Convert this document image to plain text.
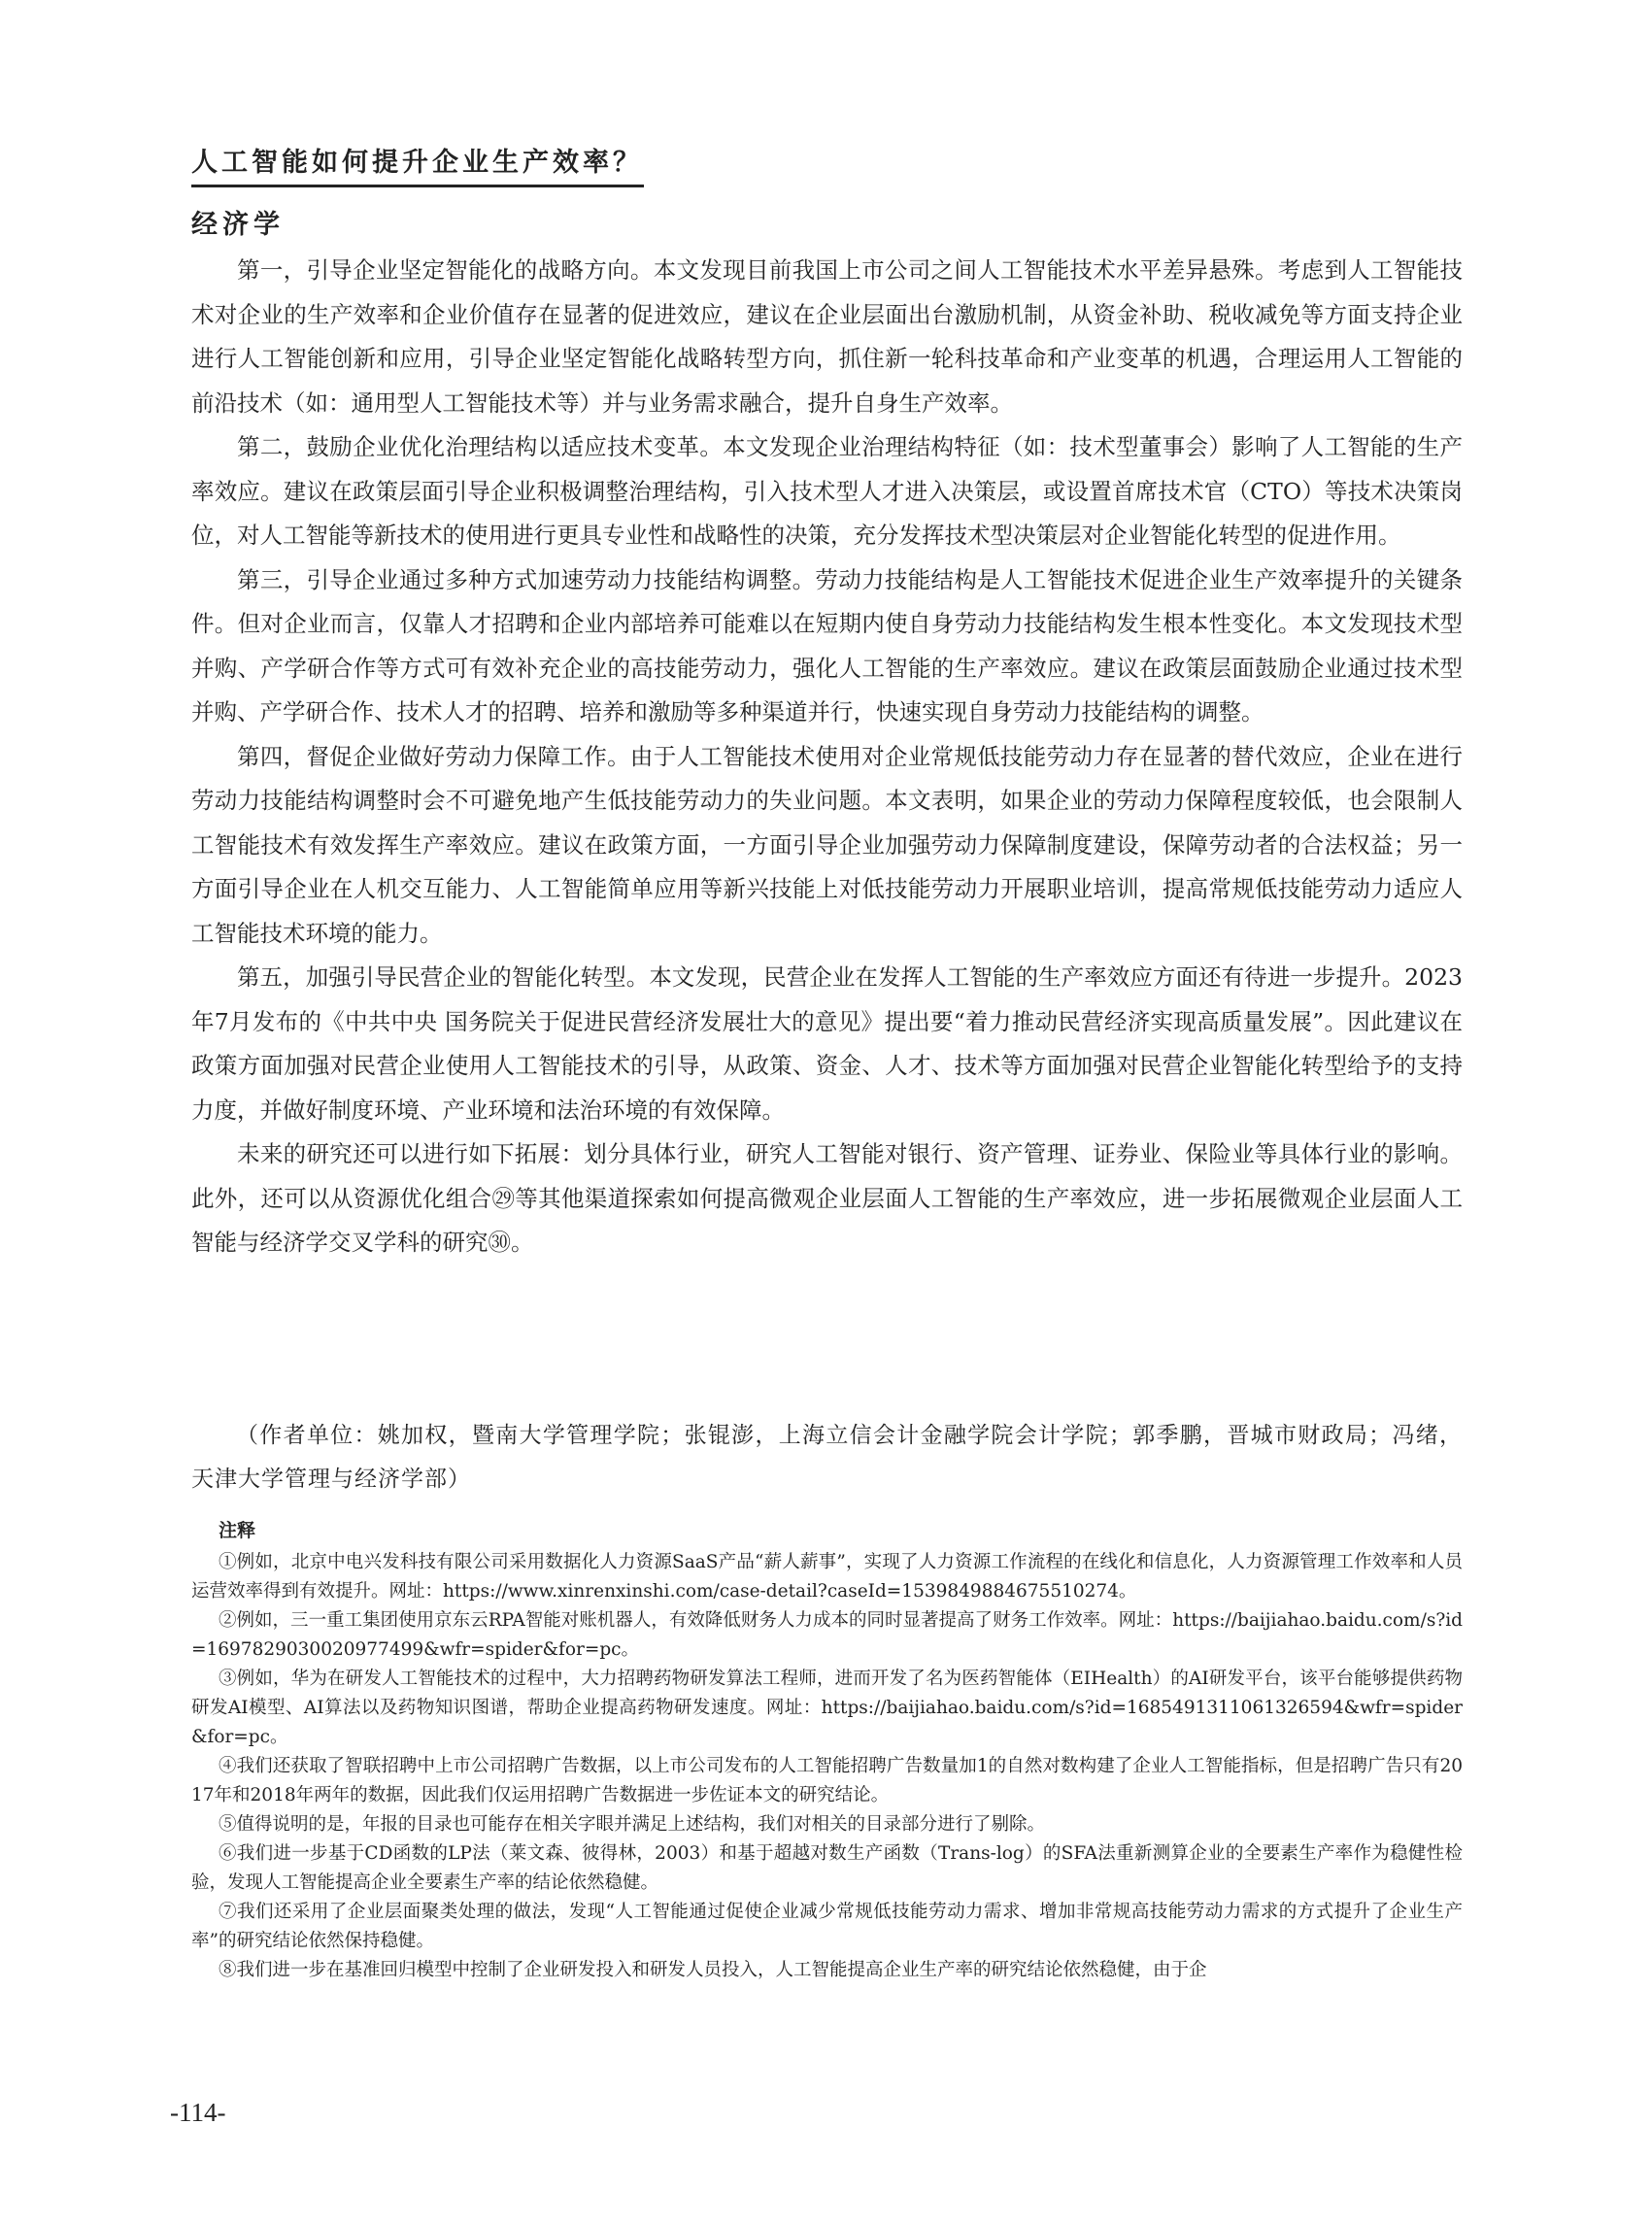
人工智能如何提升企业生产效率？
经济学

第一，引导企业坚定智能化的战略方向。本文发现目前我国上市公司之间人工智能技术水平差异悬殊。考虑到人工智能技术对企业的生产效率和企业价值存在显著的促进效应，建议在企业层面出台激励机制，从资金补助、税收减免等方面支持企业进行人工智能创新和应用，引导企业坚定智能化战略转型方向，抓住新一轮科技革命和产业变革的机遇，合理运用人工智能的前沿技术（如：通用型人工智能技术等）并与业务需求融合，提升自身生产效率。

第二，鼓励企业优化治理结构以适应技术变革。本文发现企业治理结构特征（如：技术型董事会）影响了人工智能的生产率效应。建议在政策层面引导企业积极调整治理结构，引入技术型人才进入决策层，或设置首席技术官（CTO）等技术决策岗位，对人工智能等新技术的使用进行更具专业性和战略性的决策，充分发挥技术型决策层对企业智能化转型的促进作用。

第三，引导企业通过多种方式加速劳动力技能结构调整。劳动力技能结构是人工智能技术促进企业生产效率提升的关键条件。但对企业而言，仅靠人才招聘和企业内部培养可能难以在短期内使自身劳动力技能结构发生根本性变化。本文发现技术型并购、产学研合作等方式可有效补充企业的高技能劳动力，强化人工智能的生产率效应。建议在政策层面鼓励企业通过技术型并购、产学研合作、技术人才的招聘、培养和激励等多种渠道并行，快速实现自身劳动力技能结构的调整。

第四，督促企业做好劳动力保障工作。由于人工智能技术使用对企业常规低技能劳动力存在显著的替代效应，企业在进行劳动力技能结构调整时会不可避免地产生低技能劳动力的失业问题。本文表明，如果企业的劳动力保障程度较低，也会限制人工智能技术有效发挥生产率效应。建议在政策方面，一方面引导企业加强劳动力保障制度建设，保障劳动者的合法权益；另一方面引导企业在人机交互能力、人工智能简单应用等新兴技能上对低技能劳动力开展职业培训，提高常规低技能劳动力适应人工智能技术环境的能力。

第五，加强引导民营企业的智能化转型。本文发现，民营企业在发挥人工智能的生产率效应方面还有待进一步提升。2023年7月发布的《中共中央 国务院关于促进民营经济发展壮大的意见》提出要“着力推动民营经济实现高质量发展”。因此建议在政策方面加强对民营企业使用人工智能技术的引导，从政策、资金、人才、技术等方面加强对民营企业智能化转型给予的支持力度，并做好制度环境、产业环境和法治环境的有效保障。

未来的研究还可以进行如下拓展：划分具体行业，研究人工智能对银行、资产管理、证券业、保险业等具体行业的影响。此外，还可以从资源优化组合㉙等其他渠道探索如何提高微观企业层面人工智能的生产率效应，进一步拓展微观企业层面人工智能与经济学交叉学科的研究㉚。

（作者单位：姚加权，暨南大学管理学院；张锟澎，上海立信会计金融学院会计学院；郭季鹏，晋城市财政局；冯绪，天津大学管理与经济学部）

注释

①例如，北京中电兴发科技有限公司采用数据化人力资源SaaS产品“薪人薪事”，实现了人力资源工作流程的在线化和信息化，人力资源管理工作效率和人员运营效率得到有效提升。网址：https://www.xinrenxinshi.com/case-detail?caseId=1539849884675510274。

②例如，三一重工集团使用京东云RPA智能对账机器人，有效降低财务人力成本的同时显著提高了财务工作效率。网址：https://baijiahao.baidu.com/s?id=1697829030020977499&wfr=spider&for=pc。

③例如，华为在研发人工智能技术的过程中，大力招聘药物研发算法工程师，进而开发了名为医药智能体（EIHealth）的AI研发平台，该平台能够提供药物研发AI模型、AI算法以及药物知识图谱，帮助企业提高药物研发速度。网址：https://baijiahao.baidu.com/s?id=1685491311061326594&wfr=spider&for=pc。

④我们还获取了智联招聘中上市公司招聘广告数据，以上市公司发布的人工智能招聘广告数量加1的自然对数构建了企业人工智能指标，但是招聘广告只有2017年和2018年两年的数据，因此我们仅运用招聘广告数据进一步佐证本文的研究结论。

⑤值得说明的是，年报的目录也可能存在相关字眼并满足上述结构，我们对相关的目录部分进行了剔除。

⑥我们进一步基于CD函数的LP法（莱文森、彼得林，2003）和基于超越对数生产函数（Trans-log）的SFA法重新测算企业的全要素生产率作为稳健性检验，发现人工智能提高企业全要素生产率的结论依然稳健。

⑦我们还采用了企业层面聚类处理的做法，发现“人工智能通过促使企业减少常规低技能劳动力需求、增加非常规高技能劳动力需求的方式提升了企业生产率”的研究结论依然保持稳健。

⑧我们进一步在基准回归模型中控制了企业研发投入和研发人员投入，人工智能提高企业生产率的研究结论依然稳健，由于企

-114-
